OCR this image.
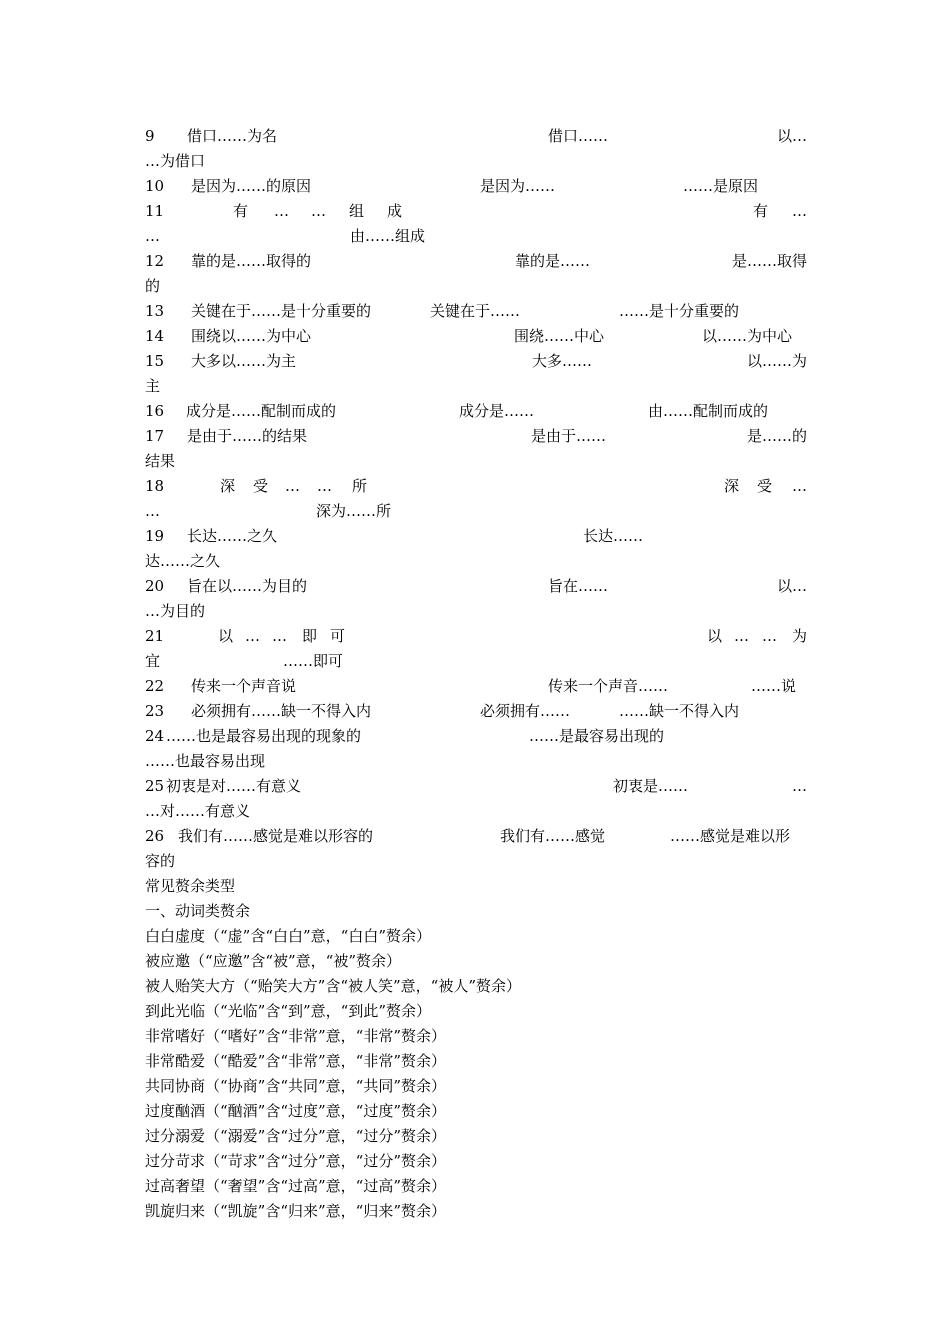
9 借口……为名	借口……	以…
…为借口
10 是因为……的原因	是因为……	……是原因
11	有 … … 组 成	有 …
…	由……组成
12 靠的是……取得的	靠的是……	是……取得
的
13 关键在于……是十分重要的	关键在于……	……是十分重要的
14 围绕以……为中心	围绕……中心	以……为中心
15 大多以……为主	大多……	以……为
主
16 成分是……配制而成的	成分是……	由……配制而成的
17 是由于……的结果	是由于……	是……的
结果
18	深 受 … … 所	深 受 …
…	深为……所
19 长达……之久	长达……
达……之久
20 旨在以……为目的	旨在……	以…
…为目的
21	以 … … 即 可	以 … … 为
宜	……即可
22 传来一个声音说	传来一个声音……	……说
23 必须拥有……缺一不得入内	必须拥有……	……缺一不得入内
24 ……也是最容易出现的现象的	……是最容易出现的
……也最容易出现
25 初衷是对……有意义	初衷是……	…
…对……有意义
26 我们有……感觉是难以形容的	我们有……感觉	……感觉是难以形
容的
常见赘余类型
一、动词类赘余
白白虚度（“虚”含“白白”意，“白白”赘余）
被应邀（“应邀”含“被”意，“被”赘余）
被人贻笑大方（“贻笑大方”含“被人笑”意，“被人”赘余）
到此光临（“光临”含“到”意，“到此”赘余）
非常嗜好（“嗜好”含“非常”意，“非常”赘余）
非常酷爱（“酷爱”含“非常”意，“非常”赘余）
共同协商（“协商”含“共同”意，“共同”赘余）
过度酗酒（“酗酒”含“过度”意，“过度”赘余）
过分溺爱（“溺爱”含“过分”意，“过分”赘余）
过分苛求（“苛求”含“过分”意，“过分”赘余）
过高奢望（“奢望”含“过高”意，“过高”赘余）
凯旋归来（“凯旋”含“归来”意，“归来”赘余）
